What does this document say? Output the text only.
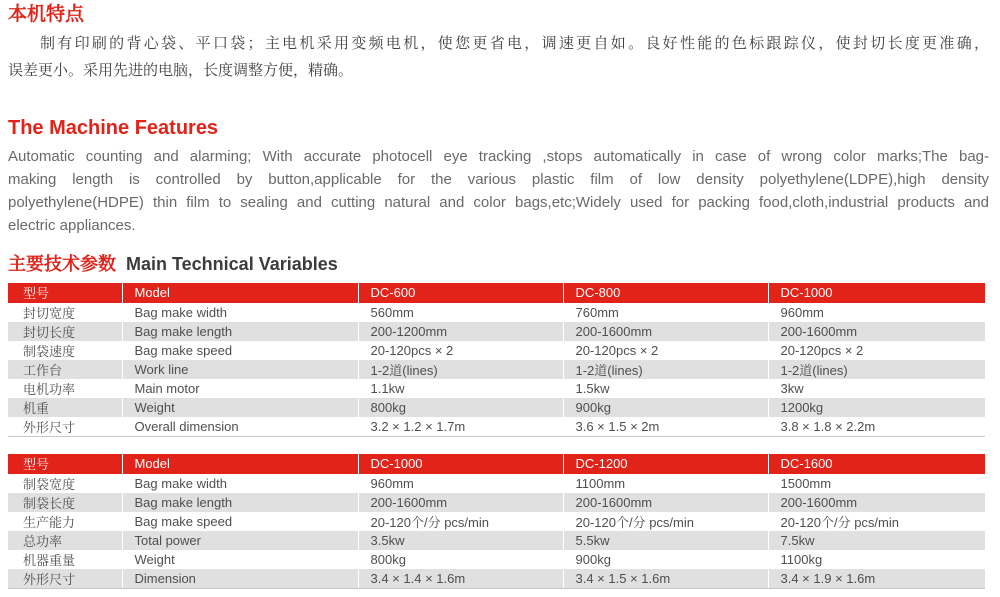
本机特点
制有印刷的背心袋、平口袋；主电机采用变频电机，使您更省电，调速更自如。良好性能的色标跟踪仪，使封切长度更准确，
误差更小。采用先进的电脑，长度调整方便，精确。
The Machine Features
Automatic counting and alarming; With accurate photocell eye tracking ,stops automatically in case of wrong color marks;The bag-
making length is controlled by button,applicable for the various plastic film of low density polyethylene(LDPE),high density
polyethylene(HDPE) thin film to sealing and cutting natural and color bags,etc;Widely used for packing food,cloth,industrial products and
electric appliances.
主要技术参数 Main Technical Variables
型号	Model	DC-600	DC-800	DC-1000
封切宽度	Bag make width	560mm	760mm	960mm
封切长度	Bag make length	200-1200mm	200-1600mm	200-1600mm
制袋速度	Bag make speed	20-120pcs × 2	20-120pcs × 2	20-120pcs × 2
工作台	Work line	1-2道(lines)	1-2道(lines)	1-2道(lines)
电机功率	Main motor	1.1kw	1.5kw	3kw
机重	Weight	800kg	900kg	1200kg
外形尺寸	Overall dimension	3.2 × 1.2 × 1.7m	3.6 × 1.5 × 2m	3.8 × 1.8 × 2.2m
型号	Model	DC-1000	DC-1200	DC-1600
制袋宽度	Bag make width	960mm	1100mm	1500mm
制袋长度	Bag make length	200-1600mm	200-1600mm	200-1600mm
生产能力	Bag make speed	20-120个/分 pcs/min	20-120个/分 pcs/min	20-120个/分 pcs/min
总功率	Total power	3.5kw	5.5kw	7.5kw
机器重量	Weight	800kg	900kg	1100kg
外形尺寸	Dimension	3.4 × 1.4 × 1.6m	3.4 × 1.5 × 1.6m	3.4 × 1.9 × 1.6m
